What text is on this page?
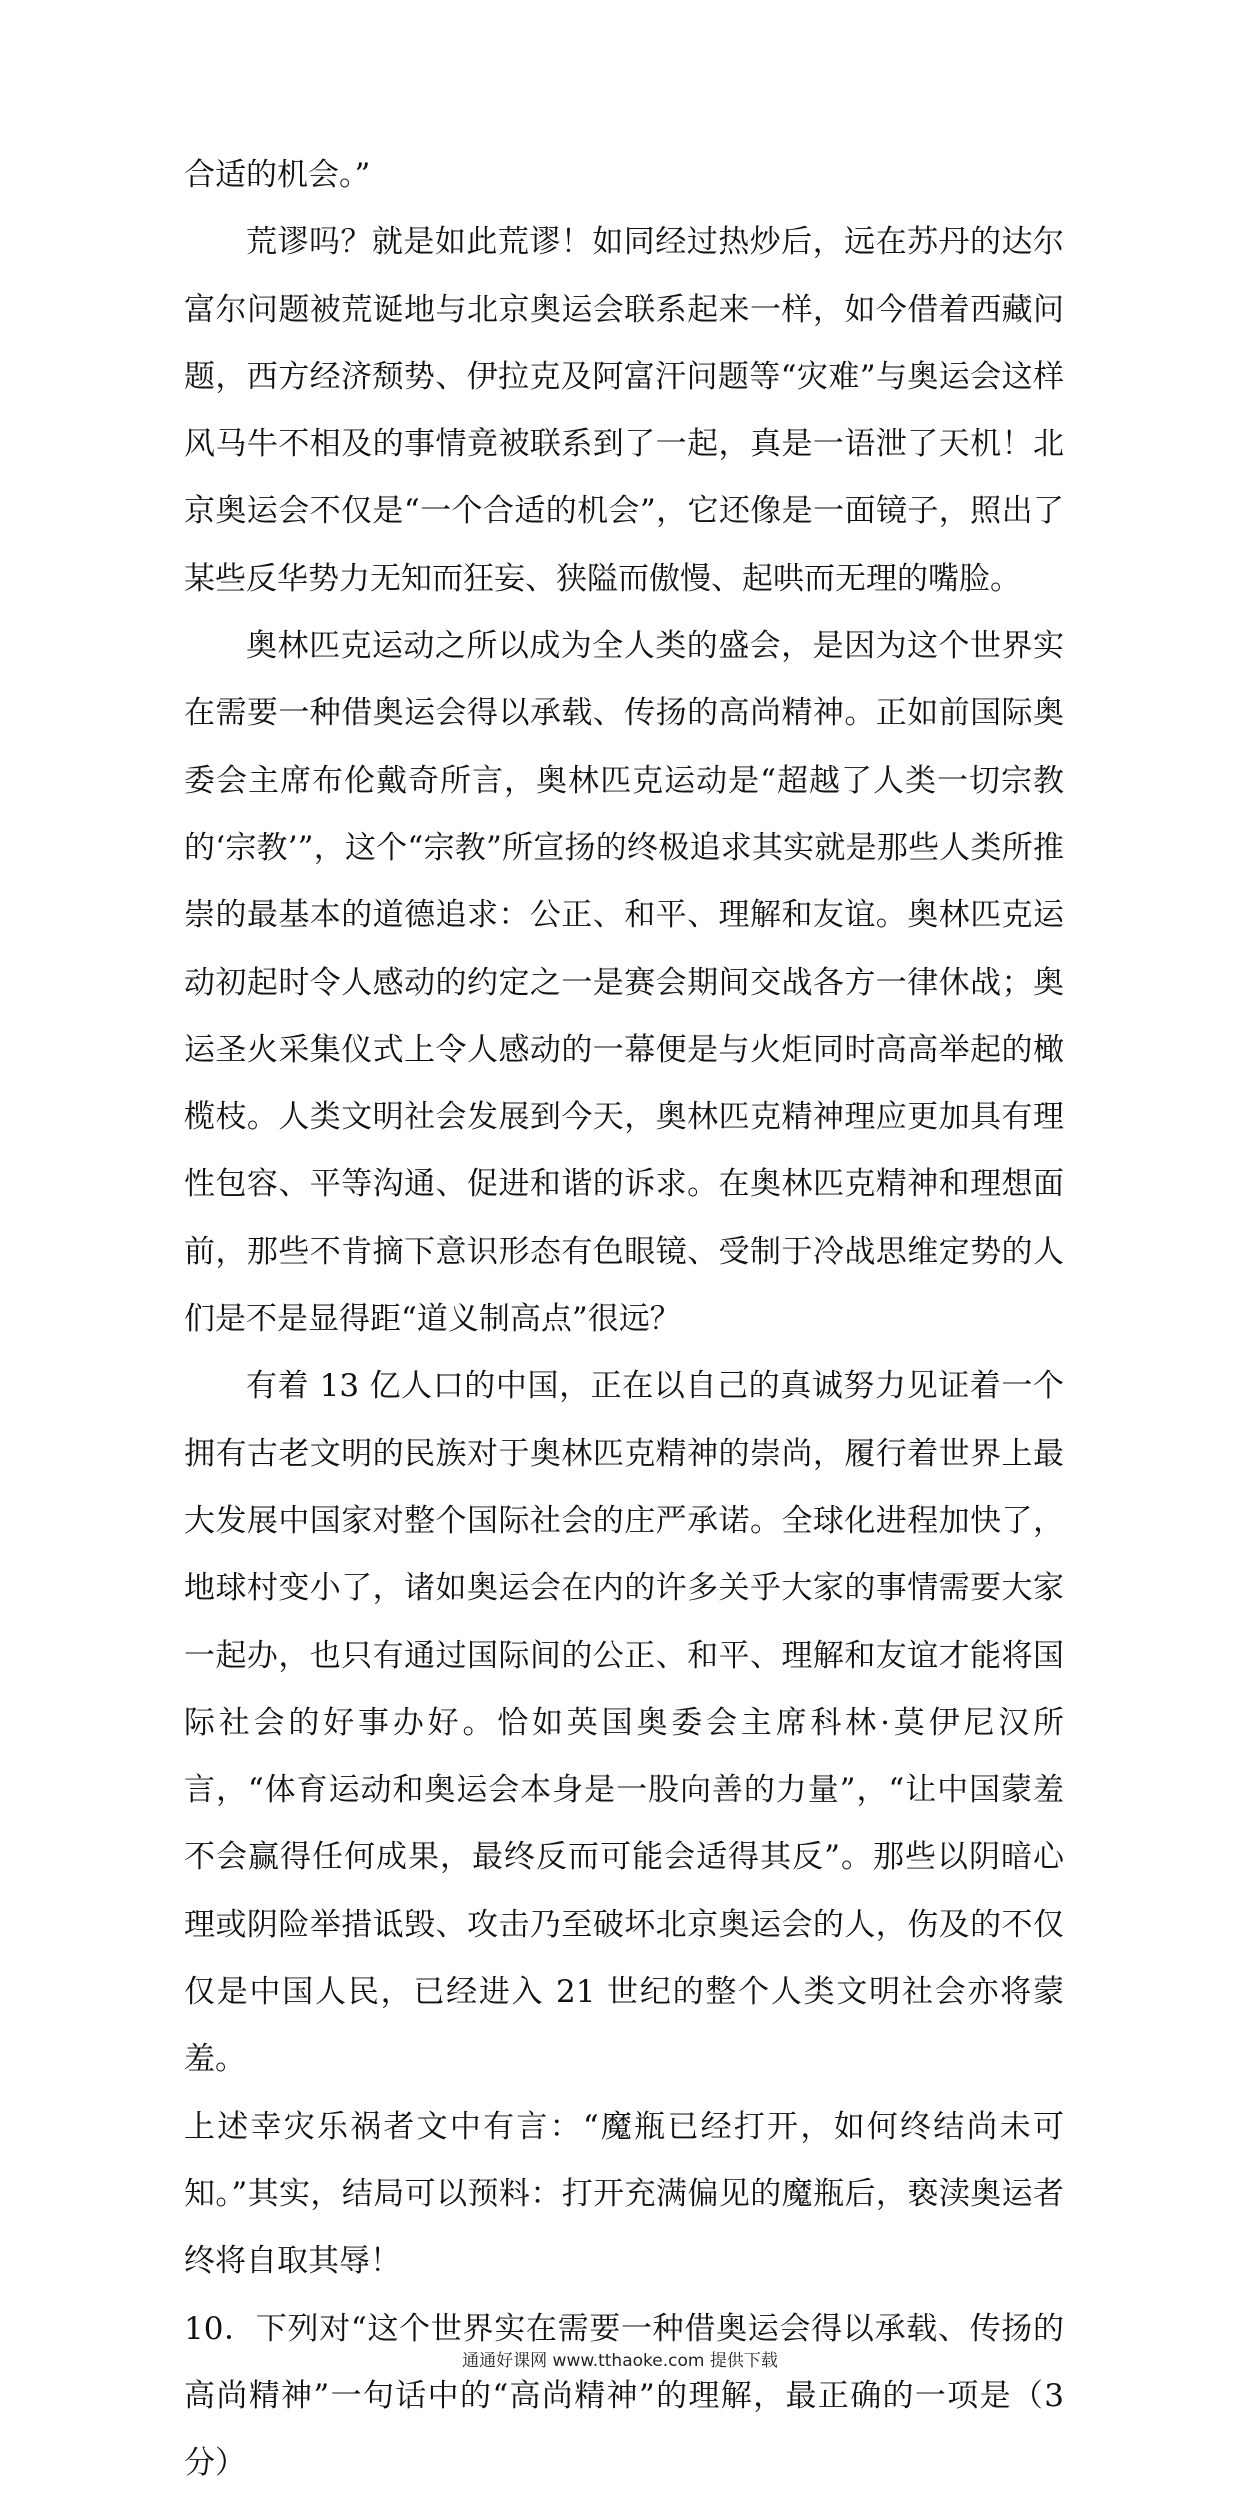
合适的机会。”

荒谬吗？就是如此荒谬！如同经过热炒后，远在苏丹的达尔富尔问题被荒诞地与北京奥运会联系起来一样，如今借着西藏问题，西方经济颓势、伊拉克及阿富汗问题等“灾难”与奥运会这样风马牛不相及的事情竟被联系到了一起，真是一语泄了天机！北京奥运会不仅是“一个合适的机会”，它还像是一面镜子，照出了某些反华势力无知而狂妄、狭隘而傲慢、起哄而无理的嘴脸。

奥林匹克运动之所以成为全人类的盛会，是因为这个世界实在需要一种借奥运会得以承载、传扬的高尚精神。正如前国际奥委会主席布伦戴奇所言，奥林匹克运动是“超越了人类一切宗教的‘宗教’”，这个“宗教”所宣扬的终极追求其实就是那些人类所推崇的最基本的道德追求：公正、和平、理解和友谊。奥林匹克运动初起时令人感动的约定之一是赛会期间交战各方一律休战；奥运圣火采集仪式上令人感动的一幕便是与火炬同时高高举起的橄榄枝。人类文明社会发展到今天，奥林匹克精神理应更加具有理性包容、平等沟通、促进和谐的诉求。在奥林匹克精神和理想面前，那些不肯摘下意识形态有色眼镜、受制于冷战思维定势的人们是不是显得距“道义制高点”很远？

有着 13 亿人口的中国，正在以自己的真诚努力见证着一个拥有古老文明的民族对于奥林匹克精神的崇尚，履行着世界上最大发展中国家对整个国际社会的庄严承诺。全球化进程加快了，地球村变小了，诸如奥运会在内的许多关乎大家的事情需要大家一起办，也只有通过国际间的公正、和平、理解和友谊才能将国际社会的好事办好。恰如英国奥委会主席科林·莫伊尼汉所言，“体育运动和奥运会本身是一股向善的力量”，“让中国蒙羞不会赢得任何成果，最终反而可能会适得其反”。那些以阴暗心理或阴险举措诋毁、攻击乃至破坏北京奥运会的人，伤及的不仅仅是中国人民，已经进入 21 世纪的整个人类文明社会亦将蒙羞。

上述幸灾乐祸者文中有言：“魔瓶已经打开，如何终结尚未可知。”其实，结局可以预料：打开充满偏见的魔瓶后，亵渎奥运者终将自取其辱！

10．下列对“这个世界实在需要一种借奥运会得以承载、传扬的高尚精神”一句话中的“高尚精神”的理解，最正确的一项是（3 分）

通通好课网 www.tthaoke.com 提供下载
